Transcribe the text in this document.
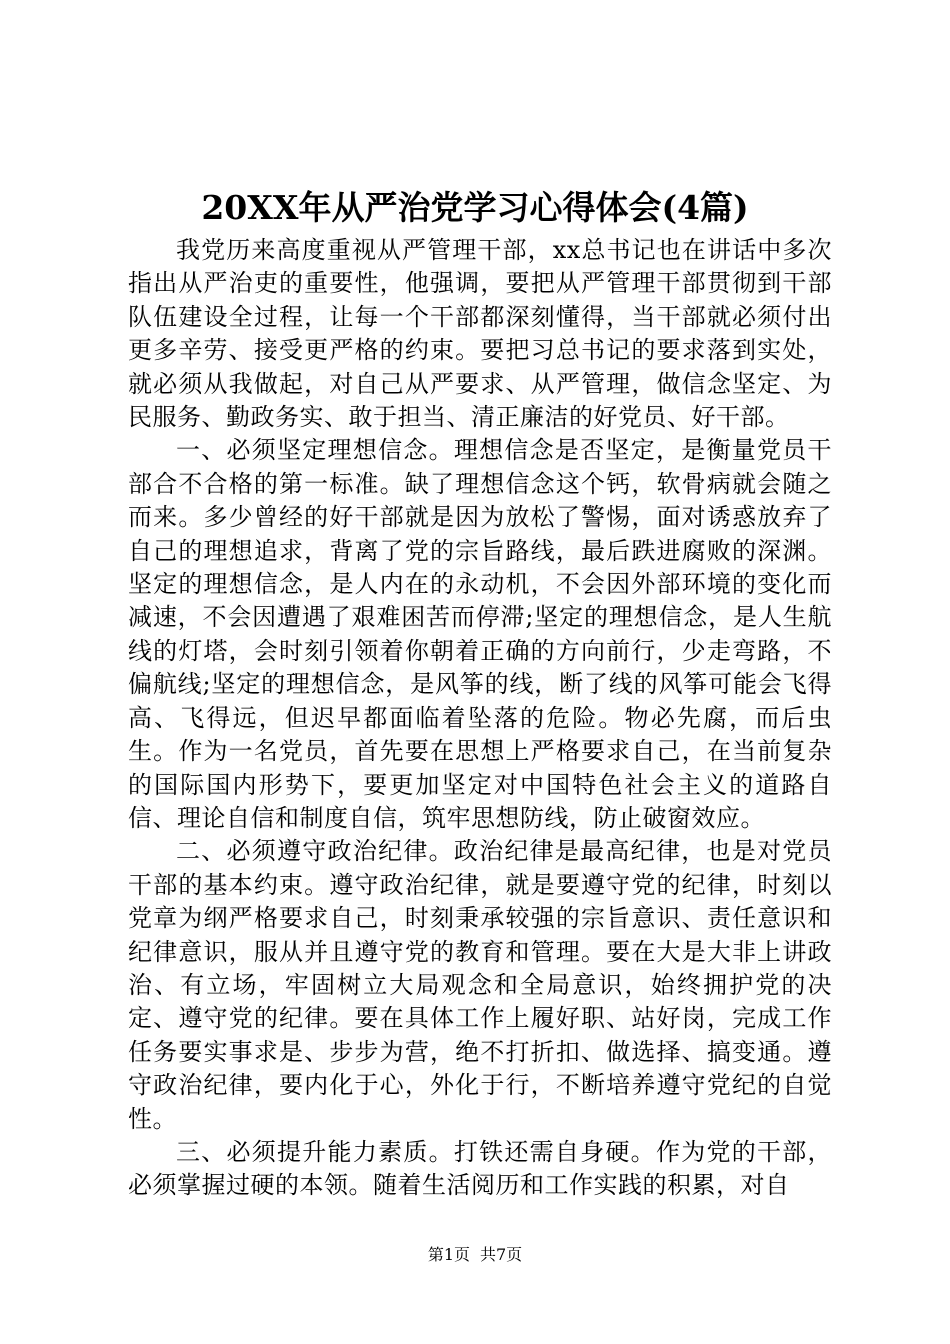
20XX年从严治党学习心得体会(4篇)

我党历来高度重视从严管理干部，xx总书记也在讲话中多次指出从严治吏的重要性，他强调，要把从严管理干部贯彻到干部队伍建设全过程，让每一个干部都深刻懂得，当干部就必须付出更多辛劳、接受更严格的约束。要把习总书记的要求落到实处，就必须从我做起，对自己从严要求、从严管理，做信念坚定、为民服务、勤政务实、敢于担当、清正廉洁的好党员、好干部。

一、必须坚定理想信念。理想信念是否坚定，是衡量党员干部合不合格的第一标准。缺了理想信念这个钙，软骨病就会随之而来。多少曾经的好干部就是因为放松了警惕，面对诱惑放弃了自己的理想追求，背离了党的宗旨路线，最后跌进腐败的深渊。坚定的理想信念，是人内在的永动机，不会因外部环境的变化而减速，不会因遭遇了艰难困苦而停滞;坚定的理想信念，是人生航线的灯塔，会时刻引领着你朝着正确的方向前行，少走弯路，不偏航线;坚定的理想信念，是风筝的线，断了线的风筝可能会飞得高、飞得远，但迟早都面临着坠落的危险。物必先腐，而后虫生。作为一名党员，首先要在思想上严格要求自己，在当前复杂的国际国内形势下，要更加坚定对中国特色社会主义的道路自信、理论自信和制度自信，筑牢思想防线，防止破窗效应。

二、必须遵守政治纪律。政治纪律是最高纪律，也是对党员干部的基本约束。遵守政治纪律，就是要遵守党的纪律，时刻以党章为纲严格要求自己，时刻秉承较强的宗旨意识、责任意识和纪律意识，服从并且遵守党的教育和管理。要在大是大非上讲政治、有立场，牢固树立大局观念和全局意识，始终拥护党的决定、遵守党的纪律。要在具体工作上履好职、站好岗，完成工作任务要实事求是、步步为营，绝不打折扣、做选择、搞变通。遵守政治纪律，要内化于心，外化于行，不断培养遵守党纪的自觉性。

三、必须提升能力素质。打铁还需自身硬。作为党的干部，必须掌握过硬的本领。随着生活阅历和工作实践的积累，对自

第1页 共7页
